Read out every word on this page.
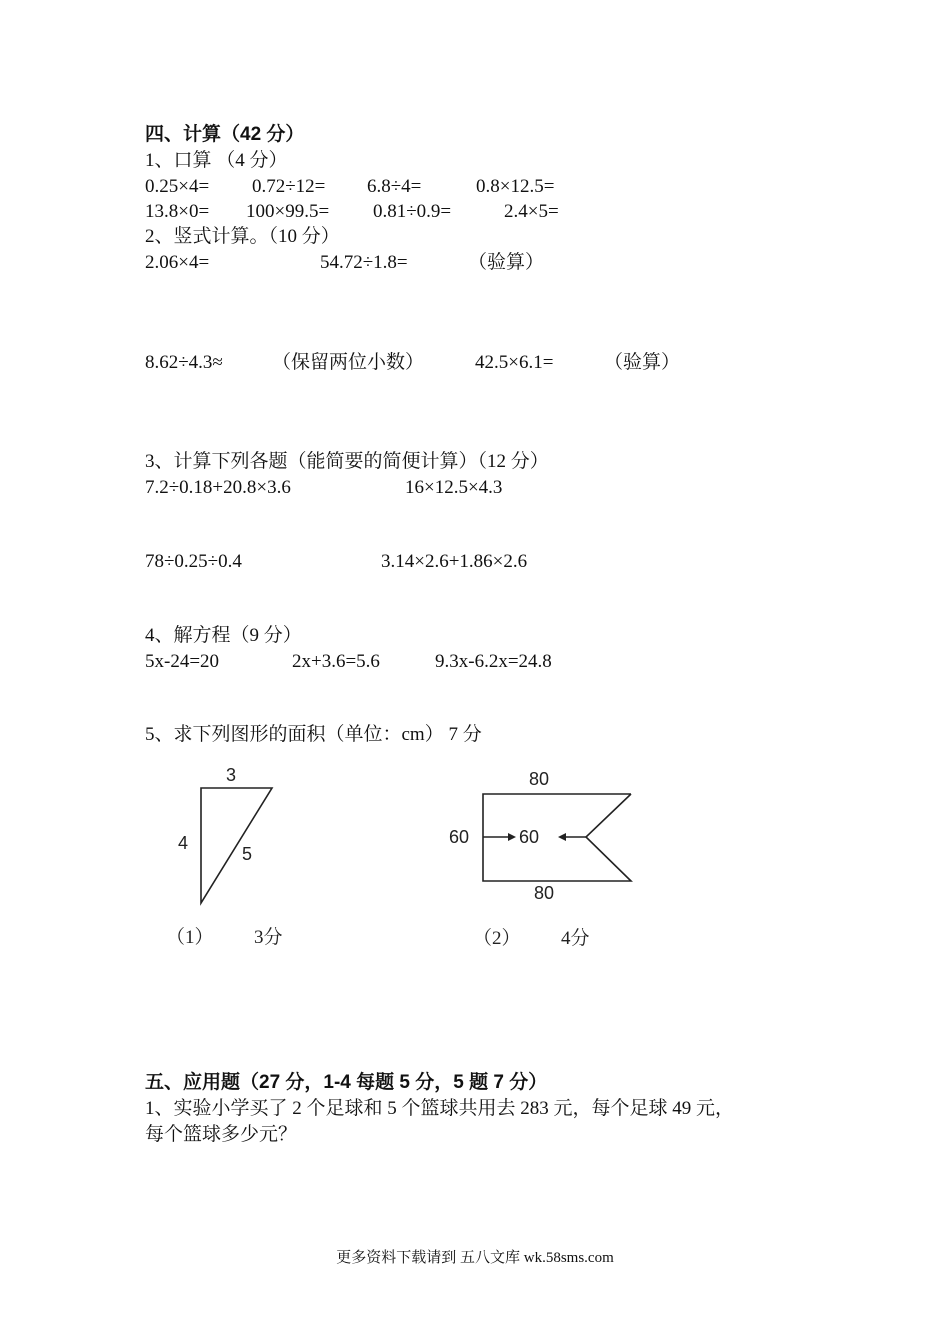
四、计算（42 分）
1、口算 （4 分）
0.25×4= 0.72÷12= 6.8÷4=	0.8×12.5=
13.8×0= 100×99.5= 0.81÷0.9=	2.4×5=
2、竖式计算。（10 分）
2.06×4=	54.72÷1.8=	（验算）
8.62÷4.3≈	（保留两位小数）	42.5×6.1=	（验算）
3、计算下列各题（能简要的简便计算）（12 分）
7.2÷0.18+20.8×3.6	16×12.5×4.3
78÷0.25÷0.4	3.14×2.6+1.86×2.6
4、解方程（9 分）
5x-24=20	2x+3.6=5.6	9.3x-6.2x=24.8
5、求下列图形的面积（单位：cm） 7 分
3
4
5
（1） 3分
80
60	60
80
（2） 4分
五、应用题（27 分，1-4 每题 5 分，5 题 7 分）
1、实验小学买了 2 个足球和 5 个篮球共用去 283 元，每个足球 49 元，
每个篮球多少元？
更多资料下载请到 五八文库 wk.58sms.com
